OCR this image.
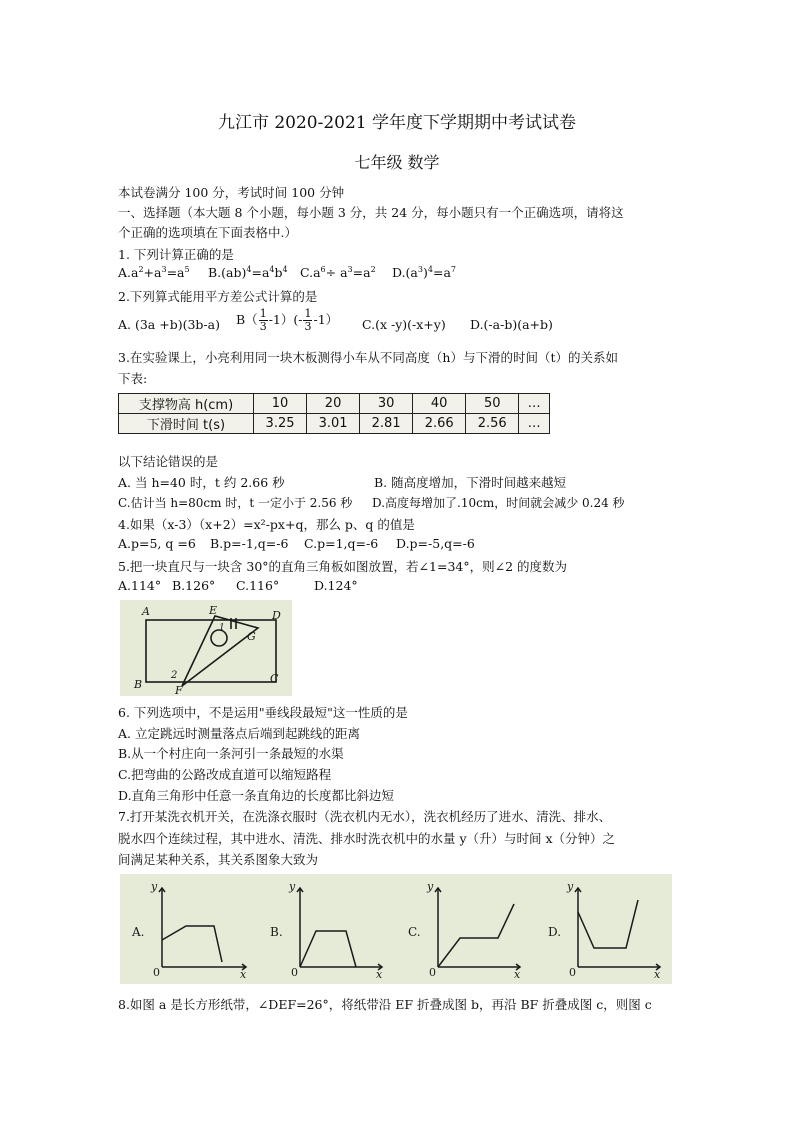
九江市 2020-2021 学年度下学期期中考试试卷
七年级 数学
本试卷满分 100 分，考试时间 100 分钟
一、选择题（本大题 8 个小题，每小题 3 分，共 24 分，每小题只有一个正确选项，请将这
个正确的选项填在下面表格中.）
1. 下列计算正确的是
$A.a^2+a^3=a^5$ $B.(ab)^4=a^4b^4$ $C.a^6\div a^3=a^2$ $D.(a^3)^4=a^7$
2.下列算式能用平方差公式计算的是
A. (3a +b)(3b-a) $B( \frac{1}{3} -1)(- \frac{1}{3} -1)$ C.(x -y)(-x+y) D.(-a-b)(a+b)
3.在实验课上，小亮利用同一块木板测得小车从不同高度（h）与下滑的时间（t）的关系如
下表:
支撑物高 h(cm)	10	20	30	40	50	…
下滑时间 t(s)	3.25	3.01	2.81	2.66	2.56	…
以下结论错误的是
A. 当 h=40 时，t 约 2.66 秒	B. 随高度增加，下滑时间越来越短
C.估计当 h=80cm 时，t 一定小于 2.56 秒 D.高度每增加了.10cm，时间就会减少 0.24 秒
4.如果（x-3）（x+2）=x²-px+q，那么 p、q 的值是
A.p=5, q =6 B.p=-1,q=-6 C.p=1,q=-6 D.p=-5,q=-6
5.把一块直尺与一块含 30°的直角三角板如图放置，若∠1=34°，则∠2 的度数为
A.114° B.126° C.116°	D.124°
A
B	C
D
E
F
G
1
2
6. 下列选项中，不是运用"垂线段最短"这一性质的是
A. 立定跳远时测量落点后端到起跳线的距离
B.从一个村庄向一条河引一条最短的水渠
C.把弯曲的公路改成直道可以缩短路程
D.直角三角形中任意一条直角边的长度都比斜边短
7.打开某洗衣机开关，在洗涤衣服时（洗衣机内无水），洗衣机经历了进水、清洗、排水、
脱水四个连续过程，其中进水、清洗、排水时洗衣机中的水量 y（升）与时间 x（分钟）之
间满足某种关系，其关系图象大致为
A.
y
x
0
B.
y
x
0
C.
y
x
0
D.
y
x
0
8.如图 a 是长方形纸带，∠DEF=26°，将纸带沿 EF 折叠成图 b，再沿 BF 折叠成图 c，则图 c
